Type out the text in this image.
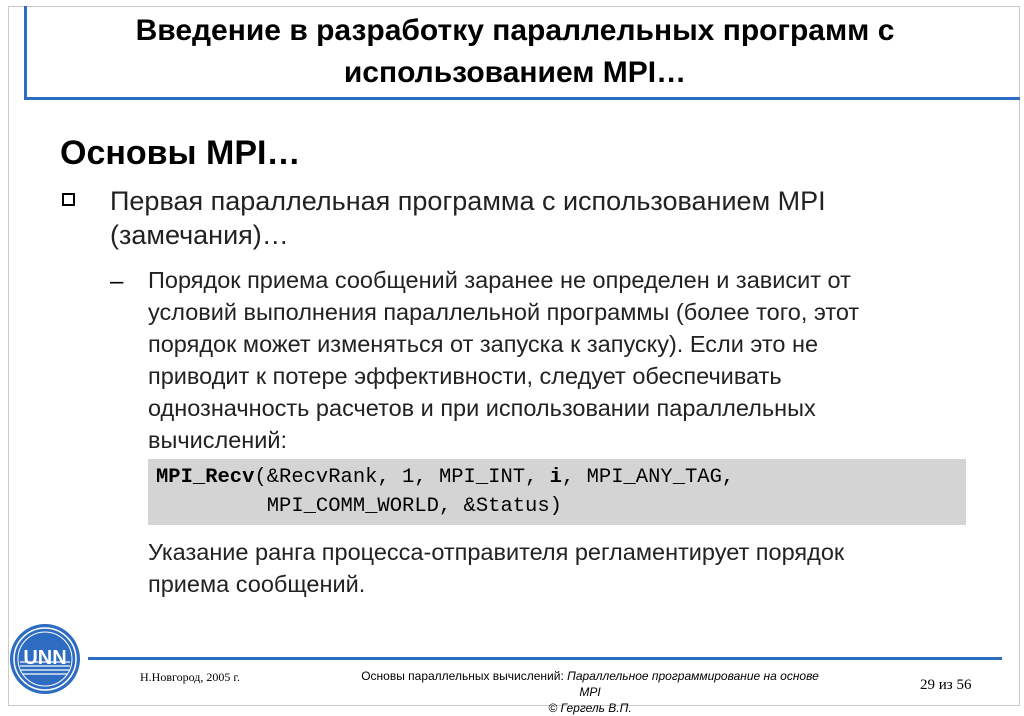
Введение в разработку параллельных программ с
использованием MPI…
Основы MPI…
Первая параллельная программа с использованием MPI
(замечания)…
– Порядок приема сообщений заранее не определен и зависит от
условий выполнения параллельной программы (более того, этот
порядок может изменяться от запуска к запуску). Если это не
приводит к потере эффективности, следует обеспечивать
однозначность расчетов и при использовании параллельных
вычислений:
MPI_Recv(&RecvRank, 1, MPI_INT, i, MPI_ANY_TAG,
MPI_COMM_WORLD, &Status)
Указание ранга процесса-отправителя регламентирует порядок
приема сообщений.
UNN
Н.Новгород, 2005 г.	Основы параллельных вычислений: Параллельное программирование на основе
MPI
© Гергель В.П.
29 из 56
